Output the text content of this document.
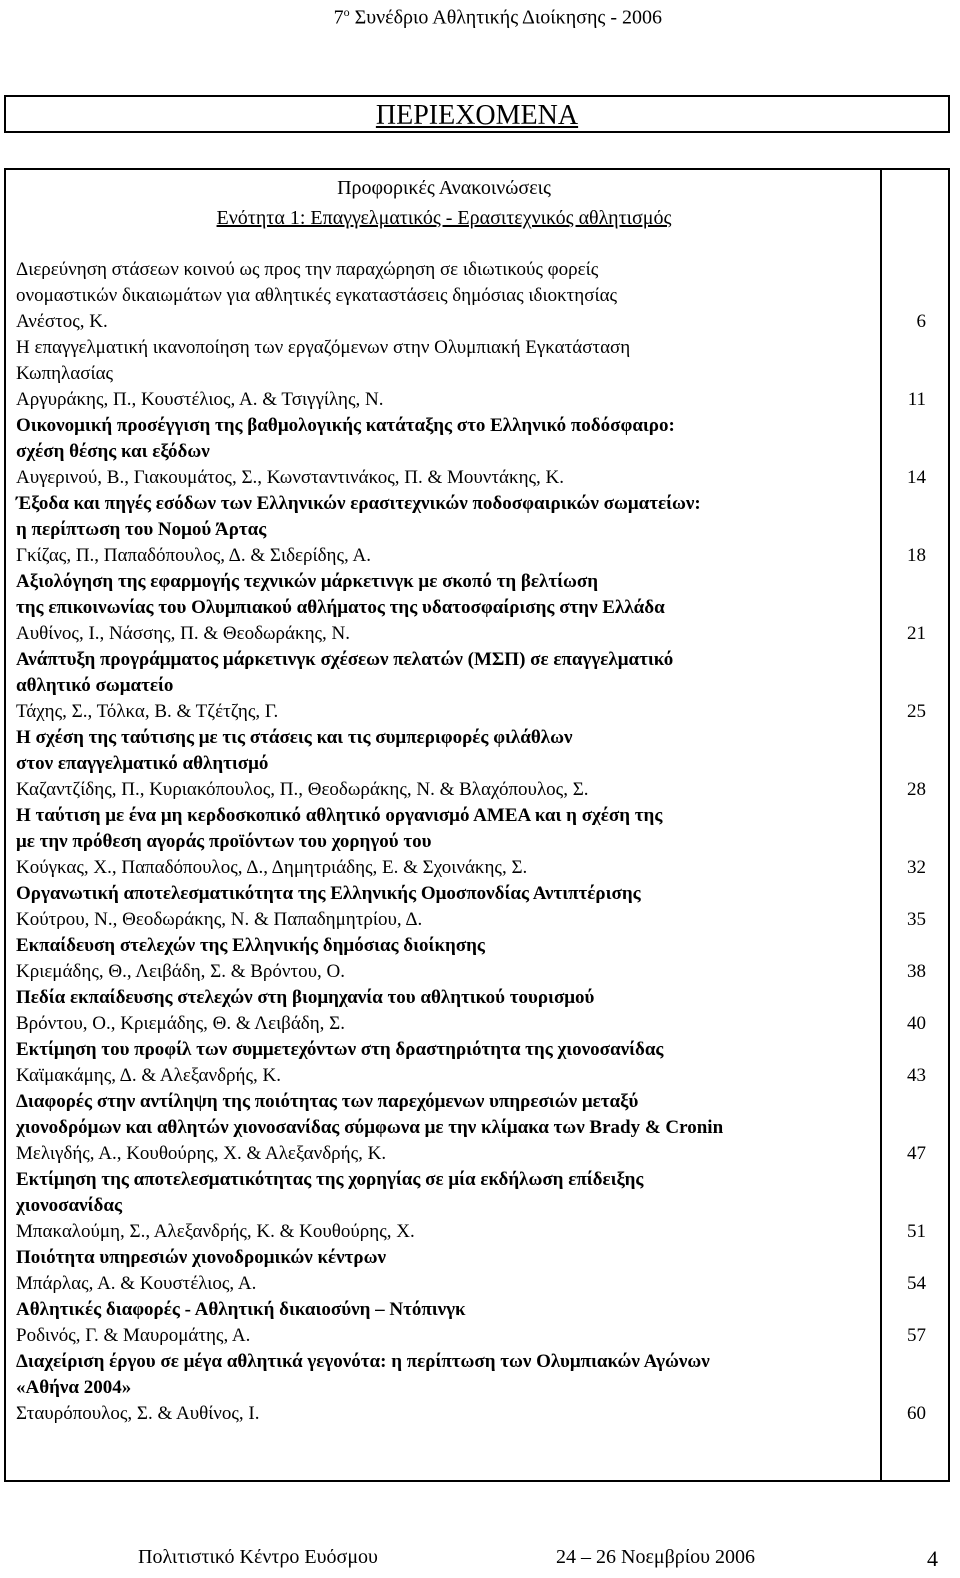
$7^o$ Συνέδριο Αθλητικής Διοίκησης - 2006
ΠΕΡΙΕΧΟΜΕΝΑ
Προφορικές Ανακοινώσεις
Ενότητα 1: Επαγγελματικός - Ερασιτεχνικός αθλητισμός
Διερεύνηση στάσεων κοινού ως προς την παραχώρηση σε ιδιωτικούς φορείς
ονομαστικών δικαιωμάτων για αθλητικές εγκαταστάσεις δημόσιας ιδιοκτησίας
Ανέστος, Κ.	6
Η επαγγελματική ικανοποίηση των εργαζόμενων στην Ολυμπιακή Εγκατάσταση
Κωπηλασίας
Αργυράκης, Π., Κουστέλιος, Α. & Τσιγγίλης, Ν.	11
Οικονομική προσέγγιση της βαθμολογικής κατάταξης στο Ελληνικό ποδόσφαιρο:
σχέση θέσης και εξόδων
Αυγερινού, Β., Γιακουμάτος, Σ., Κωνσταντινάκος, Π. & Μουντάκης, Κ.	14
Έξοδα και πηγές εσόδων των Ελληνικών ερασιτεχνικών ποδοσφαιρικών σωματείων:
η περίπτωση του Νομού Άρτας
Γκίζας, Π., Παπαδόπουλος, Δ. & Σιδερίδης, Α.	18
Αξιολόγηση της εφαρμογής τεχνικών μάρκετινγκ με σκοπό τη βελτίωση
της επικοινωνίας του Ολυμπιακού αθλήματος της υδατοσφαίρισης στην Ελλάδα
Αυθίνος, Ι., Νάσσης, Π. & Θεοδωράκης, Ν.	21
Ανάπτυξη προγράμματος μάρκετινγκ σχέσεων πελατών (ΜΣΠ) σε επαγγελματικό
αθλητικό σωματείο
Τάχης, Σ., Τόλκα, Β. & Τζέτζης, Γ.	25
Η σχέση της ταύτισης με τις στάσεις και τις συμπεριφορές φιλάθλων
στον επαγγελματικό αθλητισμό
Καζαντζίδης, Π., Κυριακόπουλος, Π., Θεοδωράκης, Ν. & Βλαχόπουλος, Σ.	28
Η ταύτιση με ένα μη κερδοσκοπικό αθλητικό οργανισμό ΑΜΕΑ και η σχέση της
με την πρόθεση αγοράς προϊόντων του χορηγού του
Κούγκας, Χ., Παπαδόπουλος, Δ., Δημητριάδης, Ε. & Σχοινάκης, Σ.	32
Οργανωτική αποτελεσματικότητα της Ελληνικής Ομοσπονδίας Αντιπτέρισης
Κούτρου, Ν., Θεοδωράκης, Ν. & Παπαδημητρίου, Δ.	35
Εκπαίδευση στελεχών της Ελληνικής δημόσιας διοίκησης
Κριεμάδης, Θ., Λειβάδη, Σ. & Βρόντου, Ο.	38
Πεδία εκπαίδευσης στελεχών στη βιομηχανία του αθλητικού τουρισμού
Βρόντου, Ο., Κριεμάδης, Θ. & Λειβάδη, Σ.	40
Εκτίμηση του προφίλ των συμμετεχόντων στη δραστηριότητα της χιονοσανίδας
Καϊμακάμης, Δ. & Αλεξανδρής, Κ.	43
Διαφορές στην αντίληψη της ποιότητας των παρεχόμενων υπηρεσιών μεταξύ
χιονοδρόμων και αθλητών χιονοσανίδας σύμφωνα με την κλίμακα των Brady & Cronin
Μελιγδής, Α., Κουθούρης, Χ. & Αλεξανδρής, Κ.	47
Εκτίμηση της αποτελεσματικότητας της χορηγίας σε μία εκδήλωση επίδειξης
χιονοσανίδας
Μπακαλούμη, Σ., Αλεξανδρής, Κ. & Κουθούρης, Χ.	51
Ποιότητα υπηρεσιών χιονοδρομικών κέντρων
Μπάρλας, Α. & Κουστέλιος, Α.	54
Αθλητικές διαφορές - Αθλητική δικαιοσύνη – Ντόπινγκ
Ροδινός, Γ. & Μαυρομάτης, Α.	57
Διαχείριση έργου σε μέγα αθλητικά γεγονότα: η περίπτωση των Ολυμπιακών Αγώνων
«Αθήνα 2004»
Σταυρόπουλος, Σ. & Αυθίνος, Ι.	60
Πολιτιστικό Κέντρο Ευόσμου	24 – 26 Νοεμβρίου 2006	4
